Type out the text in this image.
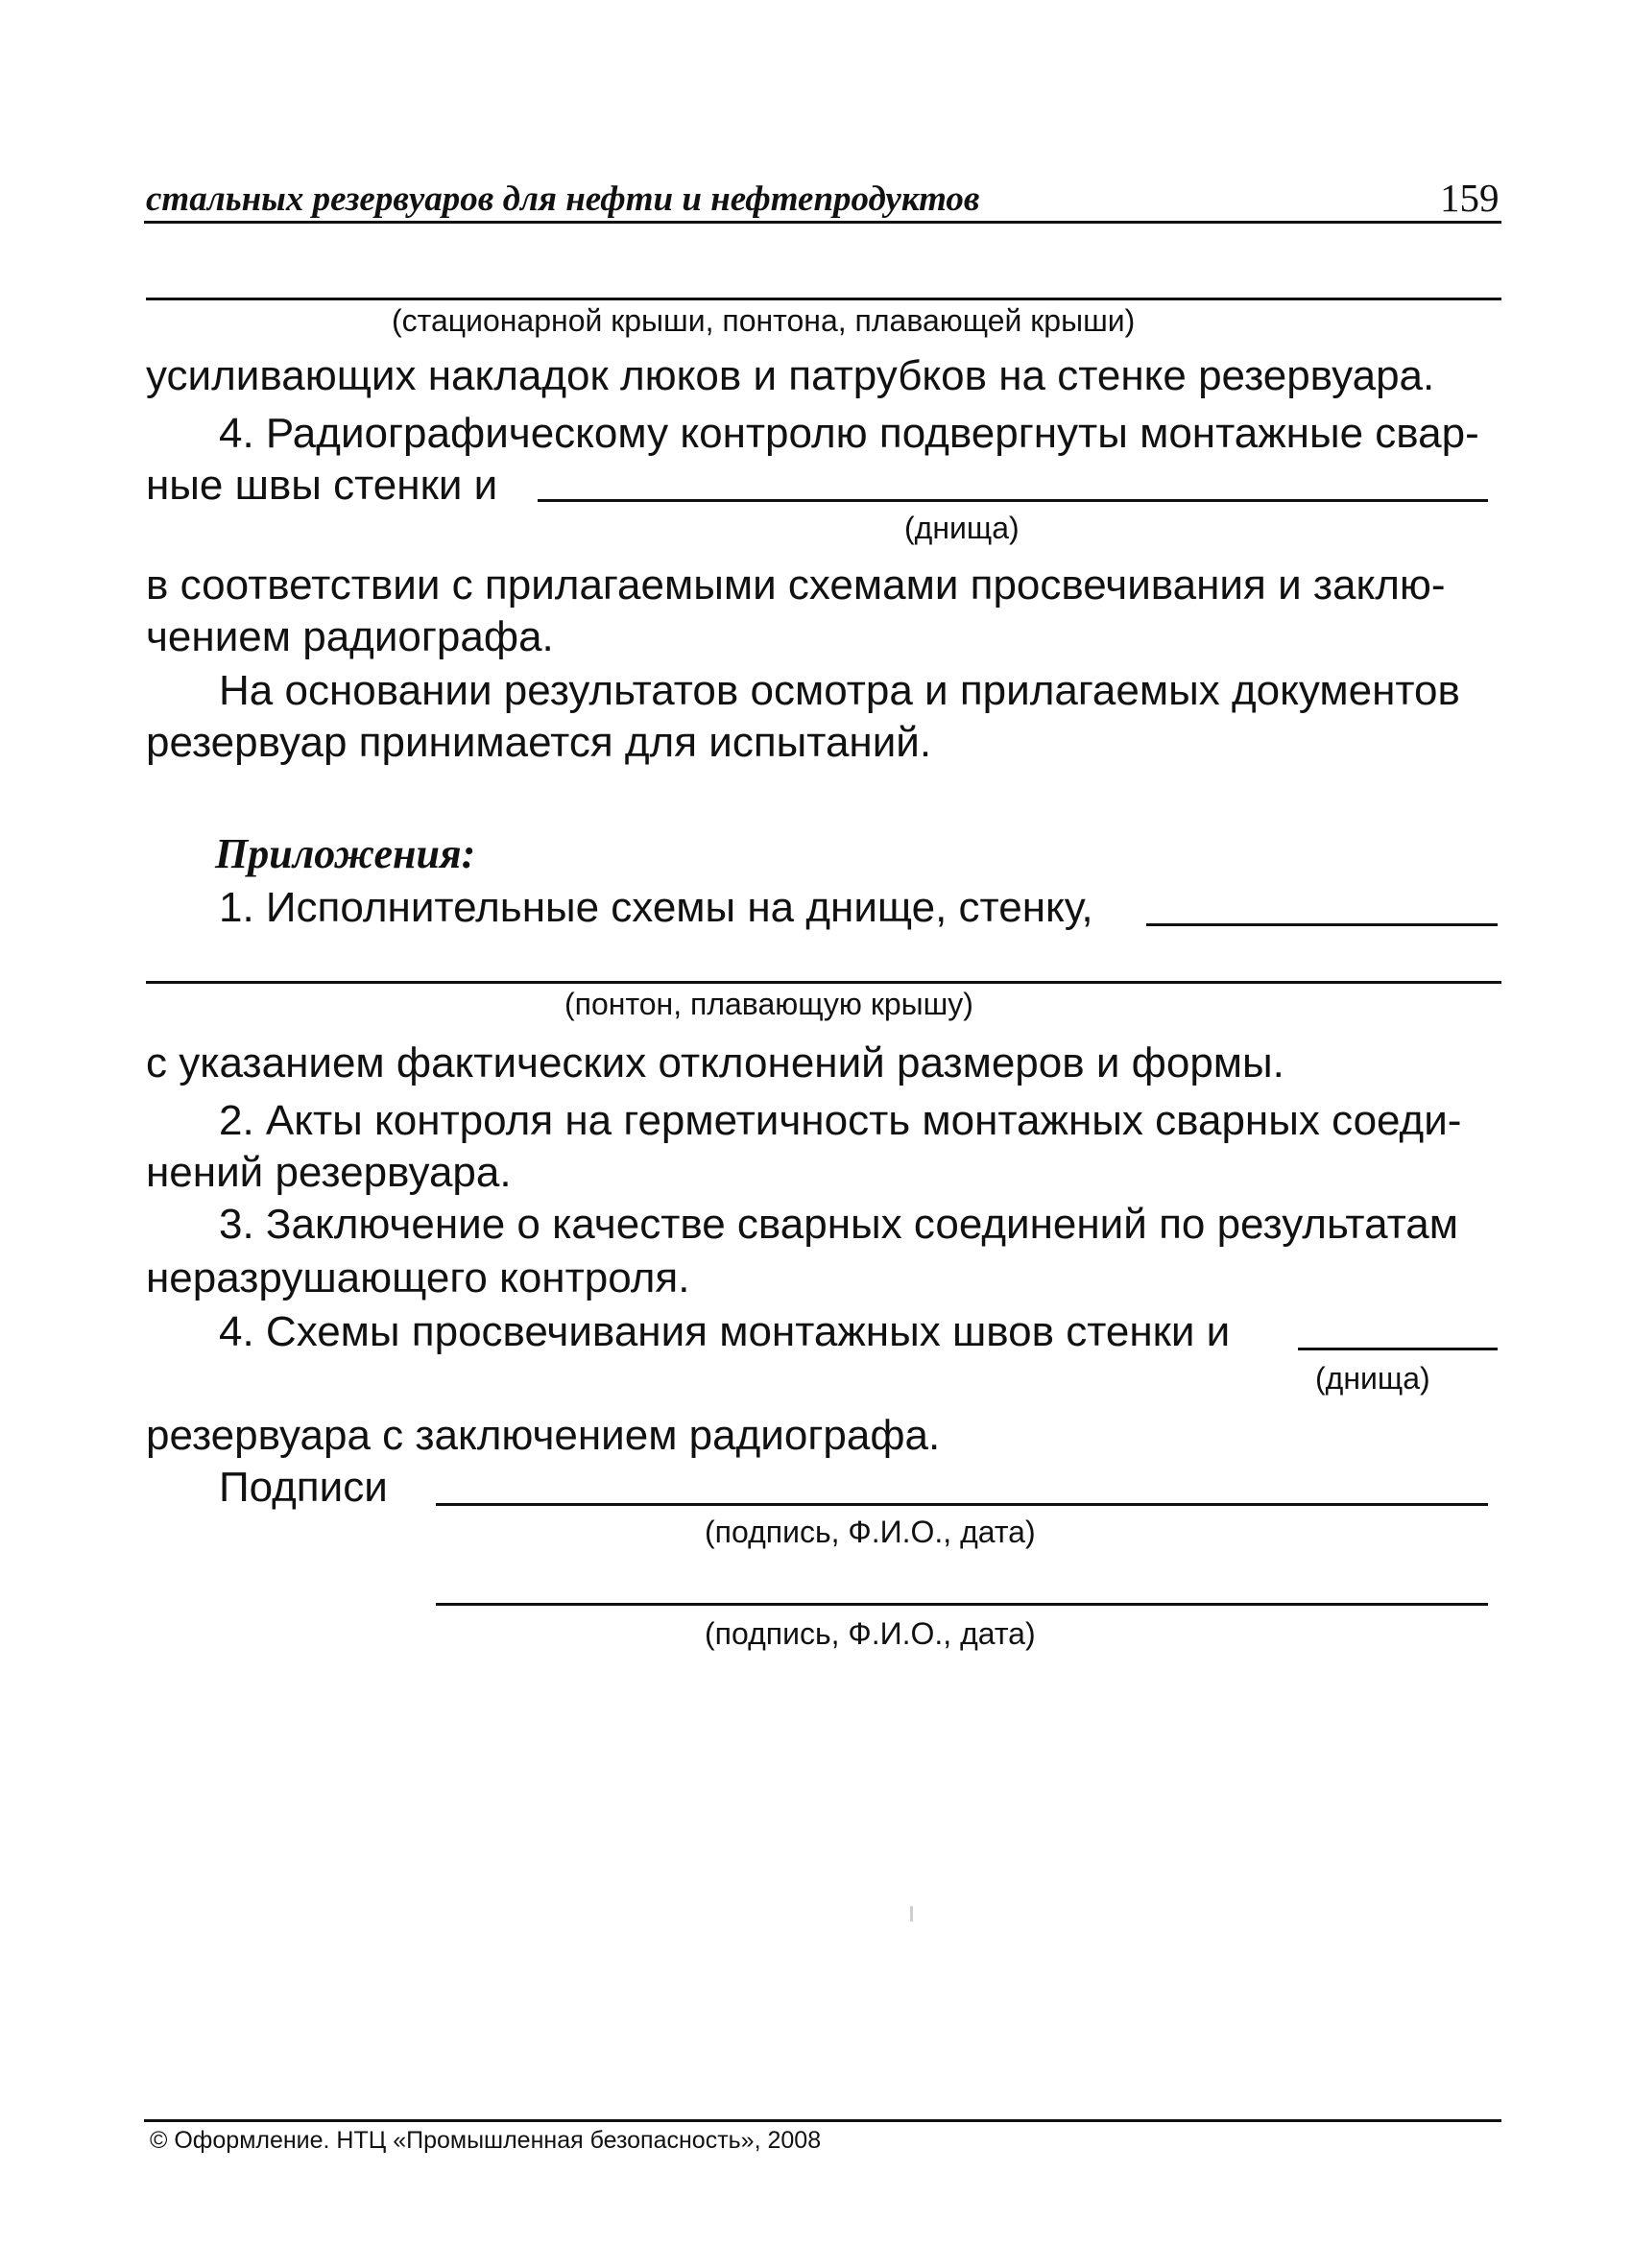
стальных резервуаров для нефти и нефтепродуктов	159
(стационарной крыши, понтона, плавающей крыши)
усиливающих накладок люков и патрубков на стенке резервуара.
4. Радиографическому контролю подвергнуты монтажные свар-
ные швы стенки и
(днища)
в соответствии с прилагаемыми схемами просвечивания и заклю-
чением радиографа.
На основании результатов осмотра и прилагаемых документов
резервуар принимается для испытаний.
Приложения:
1. Исполнительные схемы на днище, стенку,
(понтон, плавающую крышу)
с указанием фактических отклонений размеров и формы.
2. Акты контроля на герметичность монтажных сварных соеди-
нений резервуара.
3. Заключение о качестве сварных соединений по результатам
неразрушающего контроля.
4. Схемы просвечивания монтажных швов стенки и
(днища)
резервуара с заключением радиографа.
Подписи
(подпись, Ф.И.О., дата)
(подпись, Ф.И.О., дата)
© Оформление. НТЦ «Промышленная безопасность», 2008
